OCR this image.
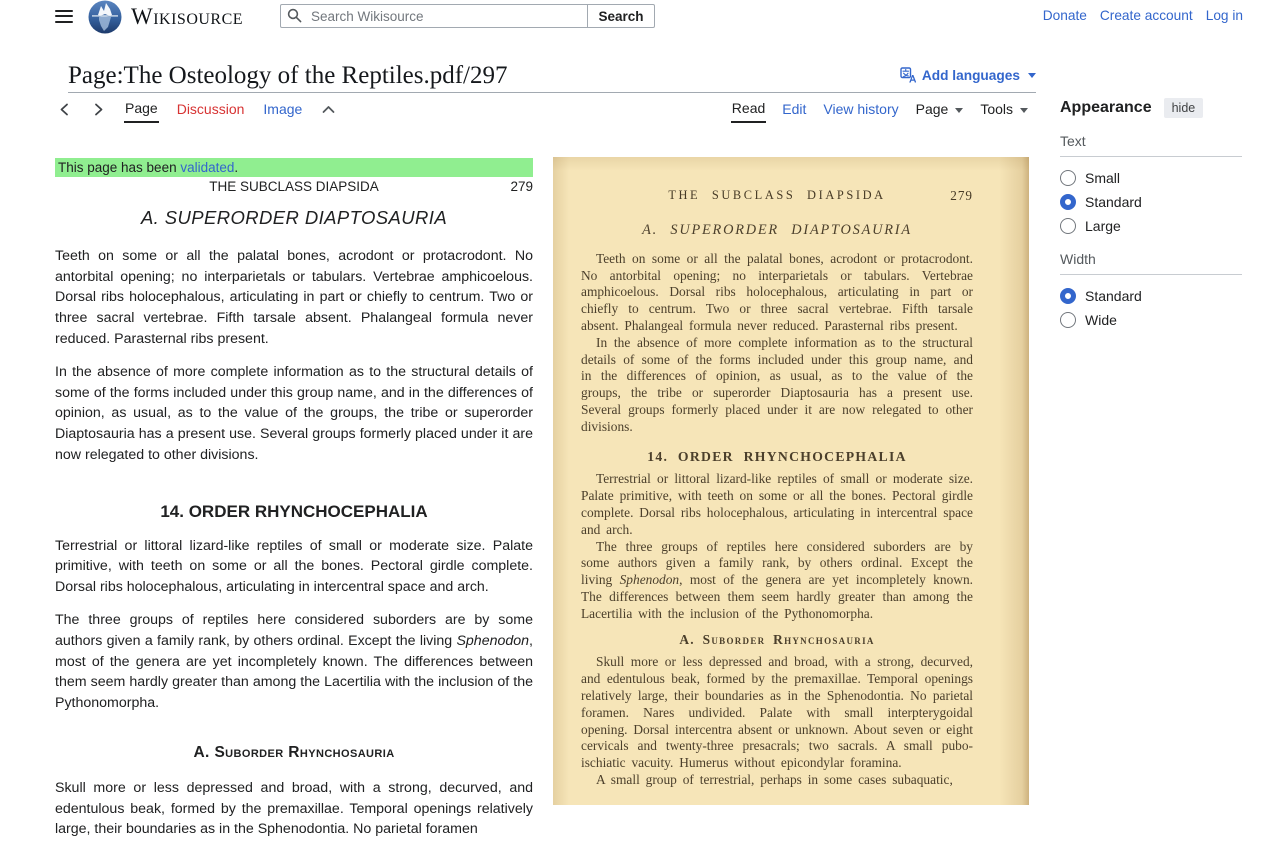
Wikisource
Search Wikisource	Search	Donate Create account Log in
Page:The Osteology of the Reptiles.pdf/297	Add languages
Page Discussion Image	Read Edit View history Page Tools
This page has been validated.
THE SUBCLASS DIAPSIDA	279
A. SUPERORDER DIAPTOSAURIA

Teeth on some or all the palatal bones, acrodont or protacrodont. No antorbital opening; no interparietals or tabulars. Vertebrae amphicoelous. Dorsal ribs holocephalous, articulating in part or chiefly to centrum. Two or three sacral vertebrae. Fifth tarsale absent. Phalangeal formula never reduced. Parasternal ribs present.

In the absence of more complete information as to the structural details of some of the forms included under this group name, and in the differences of opinion, as usual, as to the value of the groups, the tribe or superorder Diaptosauria has a present use. Several groups formerly placed under it are now relegated to other divisions.

14. ORDER RHYNCHOCEPHALIA

Terrestrial or littoral lizard-like reptiles of small or moderate size. Palate primitive, with teeth on some or all the bones. Pectoral girdle complete. Dorsal ribs holocephalous, articulating in intercentral space and arch.

The three groups of reptiles here considered suborders are by some authors given a family rank, by others ordinal. Except the living Sphenodon, most of the genera are yet incompletely known. The differences between them seem hardly greater than among the Lacertilia with the inclusion of the Pythonomorpha.

A. Suborder Rhynchosauria

Skull more or less depressed and broad, with a strong, decurved, and edentulous beak, formed by the premaxillae. Temporal openings relatively large, their boundaries as in the Sphenodontia. No parietal foramen

THE SUBCLASS DIAPSIDA	279
A. SUPERORDER DIAPTOSAURIA

Teeth on some or all the palatal bones, acrodont or protacrodont. No antorbital opening; no interparietals or tabulars. Vertebrae amphicoelous. Dorsal ribs holocephalous, articulating in part or chiefly to centrum. Two or three sacral vertebrae. Fifth tarsale absent. Phalangeal formula never reduced. Parasternal ribs present.

In the absence of more complete information as to the structural details of some of the forms included under this group name, and in the differences of opinion, as usual, as to the value of the groups, the tribe or superorder Diaptosauria has a present use. Several groups formerly placed under it are now relegated to other divisions.

14. ORDER RHYNCHOCEPHALIA

Terrestrial or littoral lizard-like reptiles of small or moderate size. Palate primitive, with teeth on some or all the bones. Pectoral girdle complete. Dorsal ribs holocephalous, articulating in intercentral space and arch.

The three groups of reptiles here considered suborders are by some authors given a family rank, by others ordinal. Except the living Sphenodon, most of the genera are yet incompletely known. The differences between them seem hardly greater than among the Lacertilia with the inclusion of the Pythonomorpha.

A. Suborder Rhynchosauria

Skull more or less depressed and broad, with a strong, decurved, and edentulous beak, formed by the premaxillae. Temporal openings relatively large, their boundaries as in the Sphenodontia. No parietal foramen. Nares undivided. Palate with small interpterygoidal opening. Dorsal intercentra absent or unknown. About seven or eight cervicals and twenty-three presacrals; two sacrals. A small pubo-ischiatic vacuity. Humerus without epicondylar foramina.

A small group of terrestrial, perhaps in some cases subaquatic,

Appearance	hide
Text
Small
Standard
Large
Width
Standard
Wide
